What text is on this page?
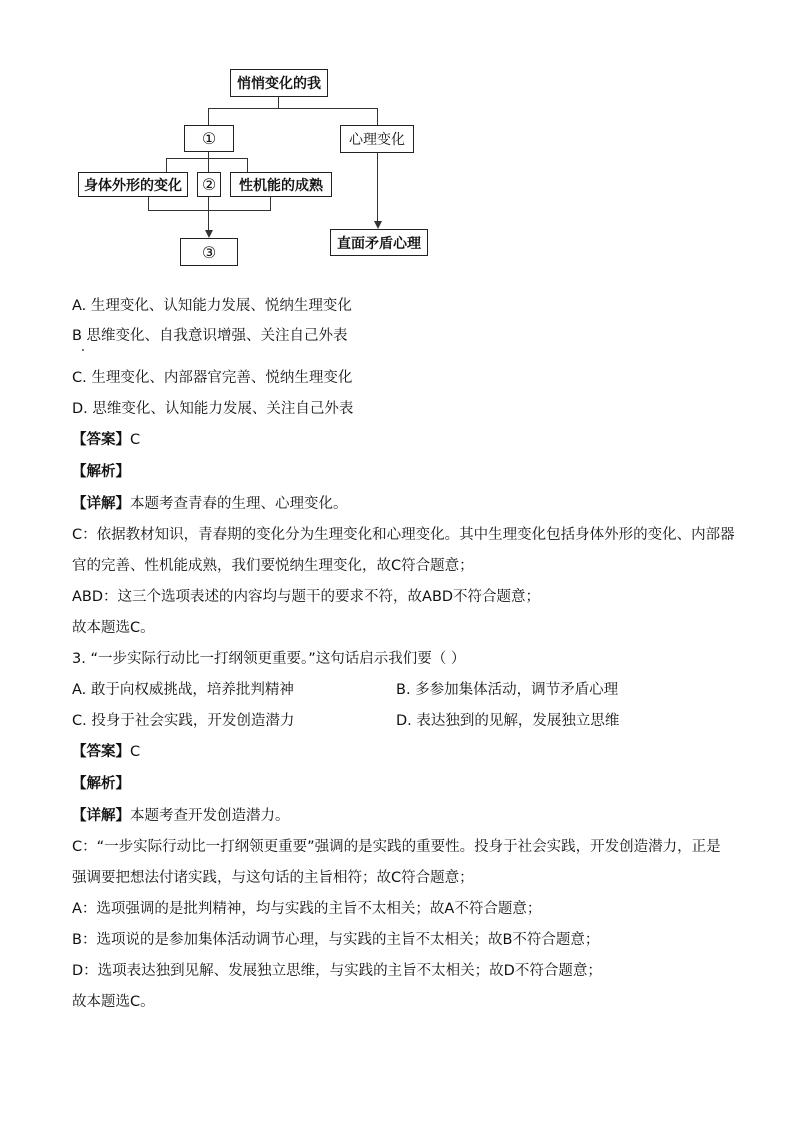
悄悄变化的我
①	心理变化
身体外形的变化	②	性机能的成熟
③	直面矛盾心理
A. 生理变化、认知能力发展、悦纳生理变化
B 思维变化、自我意识增强、关注自己外表
C. 生理变化、内部器官完善、悦纳生理变化
D. 思维变化、认知能力发展、关注自己外表
【答案】C
【解析】
【详解】本题考查青春的生理、心理变化。
C：依据教材知识，青春期的变化分为生理变化和心理变化。其中生理变化包括身体外形的变化、内部器
官的完善、性机能成熟，我们要悦纳生理变化，故C符合题意；
ABD：这三个选项表述的内容均与题干的要求不符，故ABD不符合题意；
故本题选C。
3. “一步实际行动比一打纲领更重要。”这句话启示我们要（ ）
A. 敢于向权威挑战，培养批判精神	B. 多参加集体活动，调节矛盾心理
C. 投身于社会实践，开发创造潜力	D. 表达独到的见解，发展独立思维
【答案】C
【解析】
【详解】本题考查开发创造潜力。
C：“一步实际行动比一打纲领更重要”强调的是实践的重要性。投身于社会实践，开发创造潜力，正是
强调要把想法付诸实践，与这句话的主旨相符；故C符合题意；
A：选项强调的是批判精神，均与实践的主旨不太相关；故A不符合题意；
B：选项说的是参加集体活动调节心理，与实践的主旨不太相关；故B不符合题意；
D：选项表达独到见解、发展独立思维，与实践的主旨不太相关；故D不符合题意；
故本题选C。
